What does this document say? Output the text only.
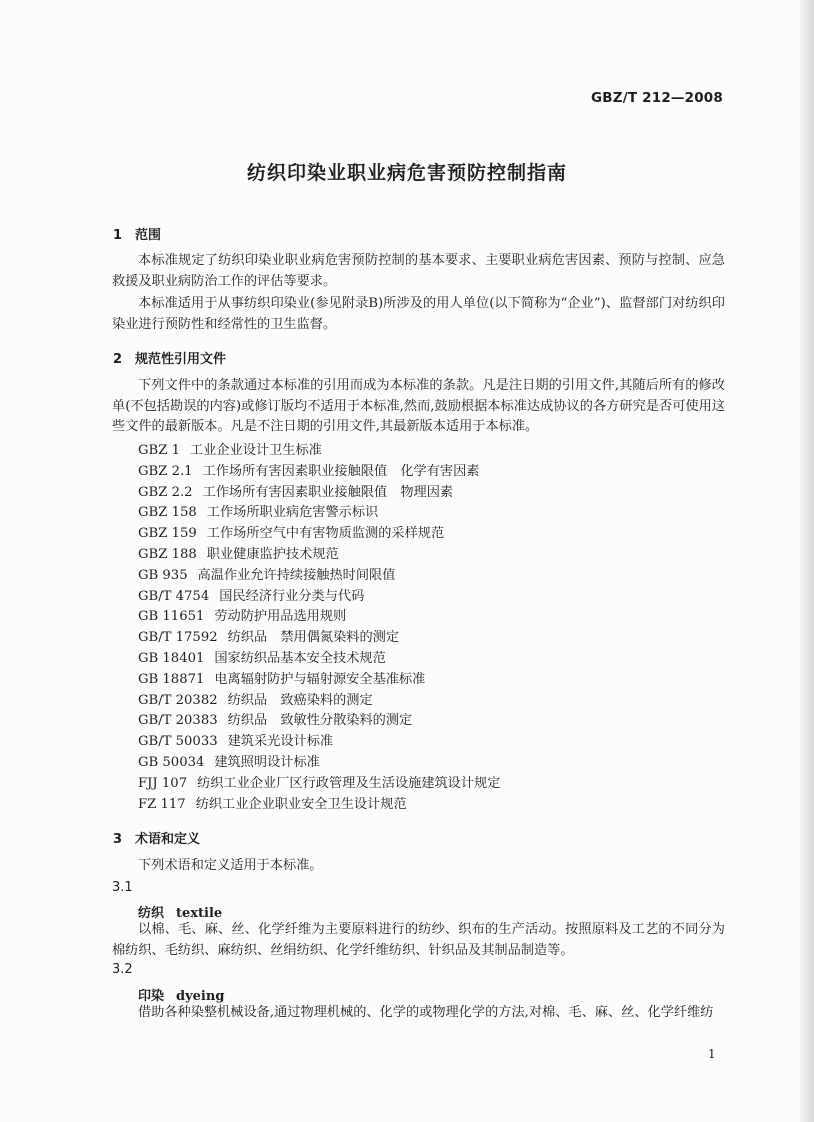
GBZ/T 212—2008
纺织印染业职业病危害预防控制指南
1 范围

本标准规定了纺织印染业职业病危害预防控制的基本要求、主要职业病危害因素、预防与控制、应急救援及职业病防治工作的评估等要求。

本标准适用于从事纺织印染业(参见附录B)所涉及的用人单位(以下简称为“企业”)、监督部门对纺织印染业进行预防性和经常性的卫生监督。

2 规范性引用文件

下列文件中的条款通过本标准的引用而成为本标准的条款。凡是注日期的引用文件,其随后所有的修改单(不包括勘误的内容)或修订版均不适用于本标准,然而,鼓励根据本标准达成协议的各方研究是否可使用这些文件的最新版本。凡是不注日期的引用文件,其最新版本适用于本标准。

GBZ 1 工业企业设计卫生标准
GBZ 2.1 工作场所有害因素职业接触限值　化学有害因素
GBZ 2.2 工作场所有害因素职业接触限值　物理因素
GBZ 158 工作场所职业病危害警示标识
GBZ 159 工作场所空气中有害物质监测的采样规范
GBZ 188 职业健康监护技术规范
GB 935 高温作业允许持续接触热时间限值
GB/T 4754 国民经济行业分类与代码
GB 11651 劳动防护用品选用规则
GB/T 17592 纺织品　禁用偶氮染料的测定
GB 18401 国家纺织品基本安全技术规范
GB 18871 电离辐射防护与辐射源安全基准标准
GB/T 20382 纺织品　致癌染料的测定
GB/T 20383 纺织品　致敏性分散染料的测定
GB/T 50033 建筑采光设计标准
GB 50034 建筑照明设计标准
FJJ 107 纺织工业企业厂区行政管理及生活设施建筑设计规定
FZ 117 纺织工业企业职业安全卫生设计规范
3 术语和定义

下列术语和定义适用于本标准。

3.1
纺织 textile

以棉、毛、麻、丝、化学纤维为主要原料进行的纺纱、织布的生产活动。按照原料及工艺的不同分为棉纺织、毛纺织、麻纺织、丝绢纺织、化学纤维纺织、针织品及其制品制造等。

3.2
印染 dyeing

借助各种染整机械设备,通过物理机械的、化学的或物理化学的方法,对棉、毛、麻、丝、化学纤维纺

1
